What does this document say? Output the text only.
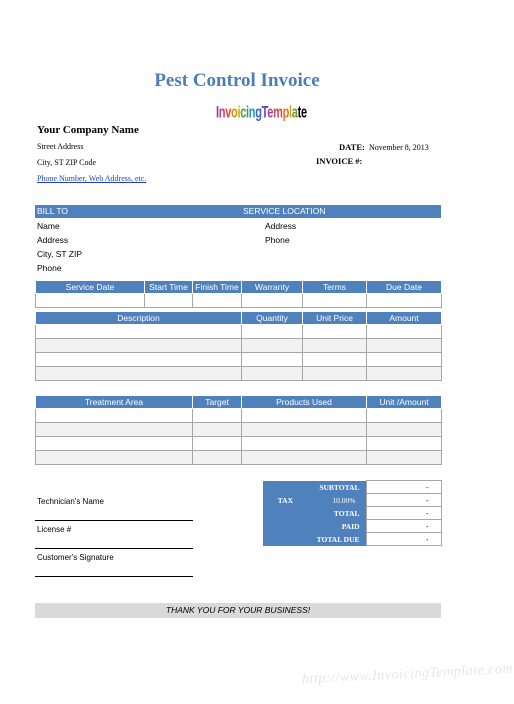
Pest Control Invoice
InvoicingTemplate
Your Company Name
Street Address
City, ST ZIP Code
Phone Number, Web Address, etc.
DATE: November 8, 2013
INVOICE #:
BILL TO	SERVICE LOCATION
Name
Address
City, ST ZIP
Phone
Address
Phone
Service Date	Start Time	Finish Time	Warranty	Terms	Due Date

Description	Quantity	Unit Price	Amount

Treatment Area	Target	Products Used	Unit /Amount

SUBTOTAL		-
TAX	10.00%	-
TOTAL		-
PAID		-
TOTAL DUE		-
Technician's Name
License #
Customer's Signature
THANK YOU FOR YOUR BUSINESS!
http://www.InvoicingTemplate.com
